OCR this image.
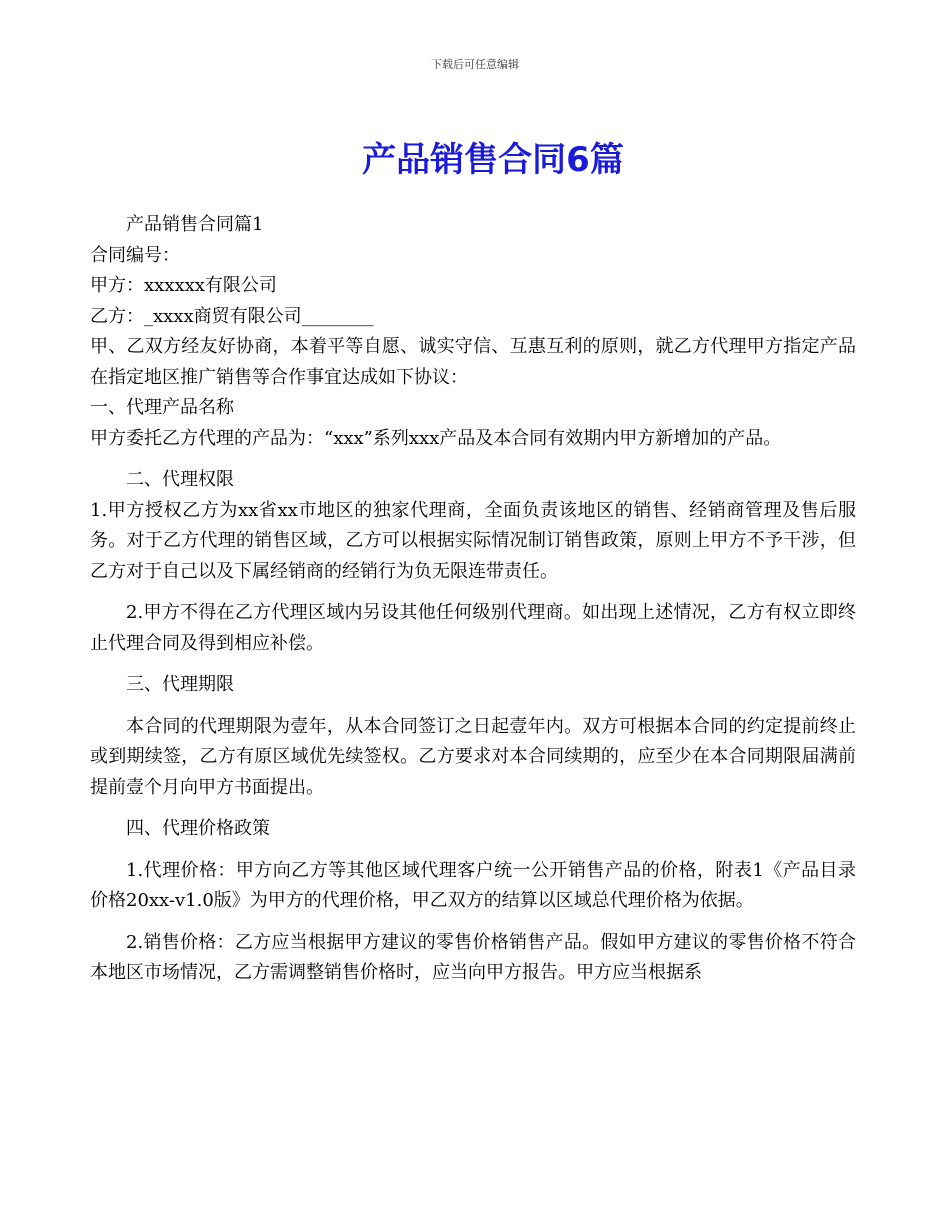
下载后可任意编辑
产品销售合同6篇

产品销售合同篇1

合同编号：

甲方：xxxxxx有限公司

乙方：_xxxx商贸有限公司________

甲、乙双方经友好协商，本着平等自愿、诚实守信、互惠互利的原则，就乙方代理甲方指定产品在指定地区推广销售等合作事宜达成如下协议：

一、代理产品名称

甲方委托乙方代理的产品为：“xxx”系列xxx产品及本合同有效期内甲方新增加的产品。

二、代理权限

1.甲方授权乙方为xx省xx市地区的独家代理商，全面负责该地区的销售、经销商管理及售后服务。对于乙方代理的销售区域，乙方可以根据实际情况制订销售政策，原则上甲方不予干涉，但乙方对于自己以及下属经销商的经销行为负无限连带责任。

2.甲方不得在乙方代理区域内另设其他任何级别代理商。如出现上述情况，乙方有权立即终止代理合同及得到相应补偿。

三、代理期限

本合同的代理期限为壹年，从本合同签订之日起壹年内。双方可根据本合同的约定提前终止或到期续签，乙方有原区域优先续签权。乙方要求对本合同续期的，应至少在本合同期限届满前提前壹个月向甲方书面提出。

四、代理价格政策

1.代理价格：甲方向乙方等其他区域代理客户统一公开销售产品的价格，附表1《产品目录价格20xx-v1.0版》为甲方的代理价格，甲乙双方的结算以区域总代理价格为依据。

2.销售价格：乙方应当根据甲方建议的零售价格销售产品。假如甲方建议的零售价格不符合本地区市场情况，乙方需调整销售价格时，应当向甲方报告。甲方应当根据系
